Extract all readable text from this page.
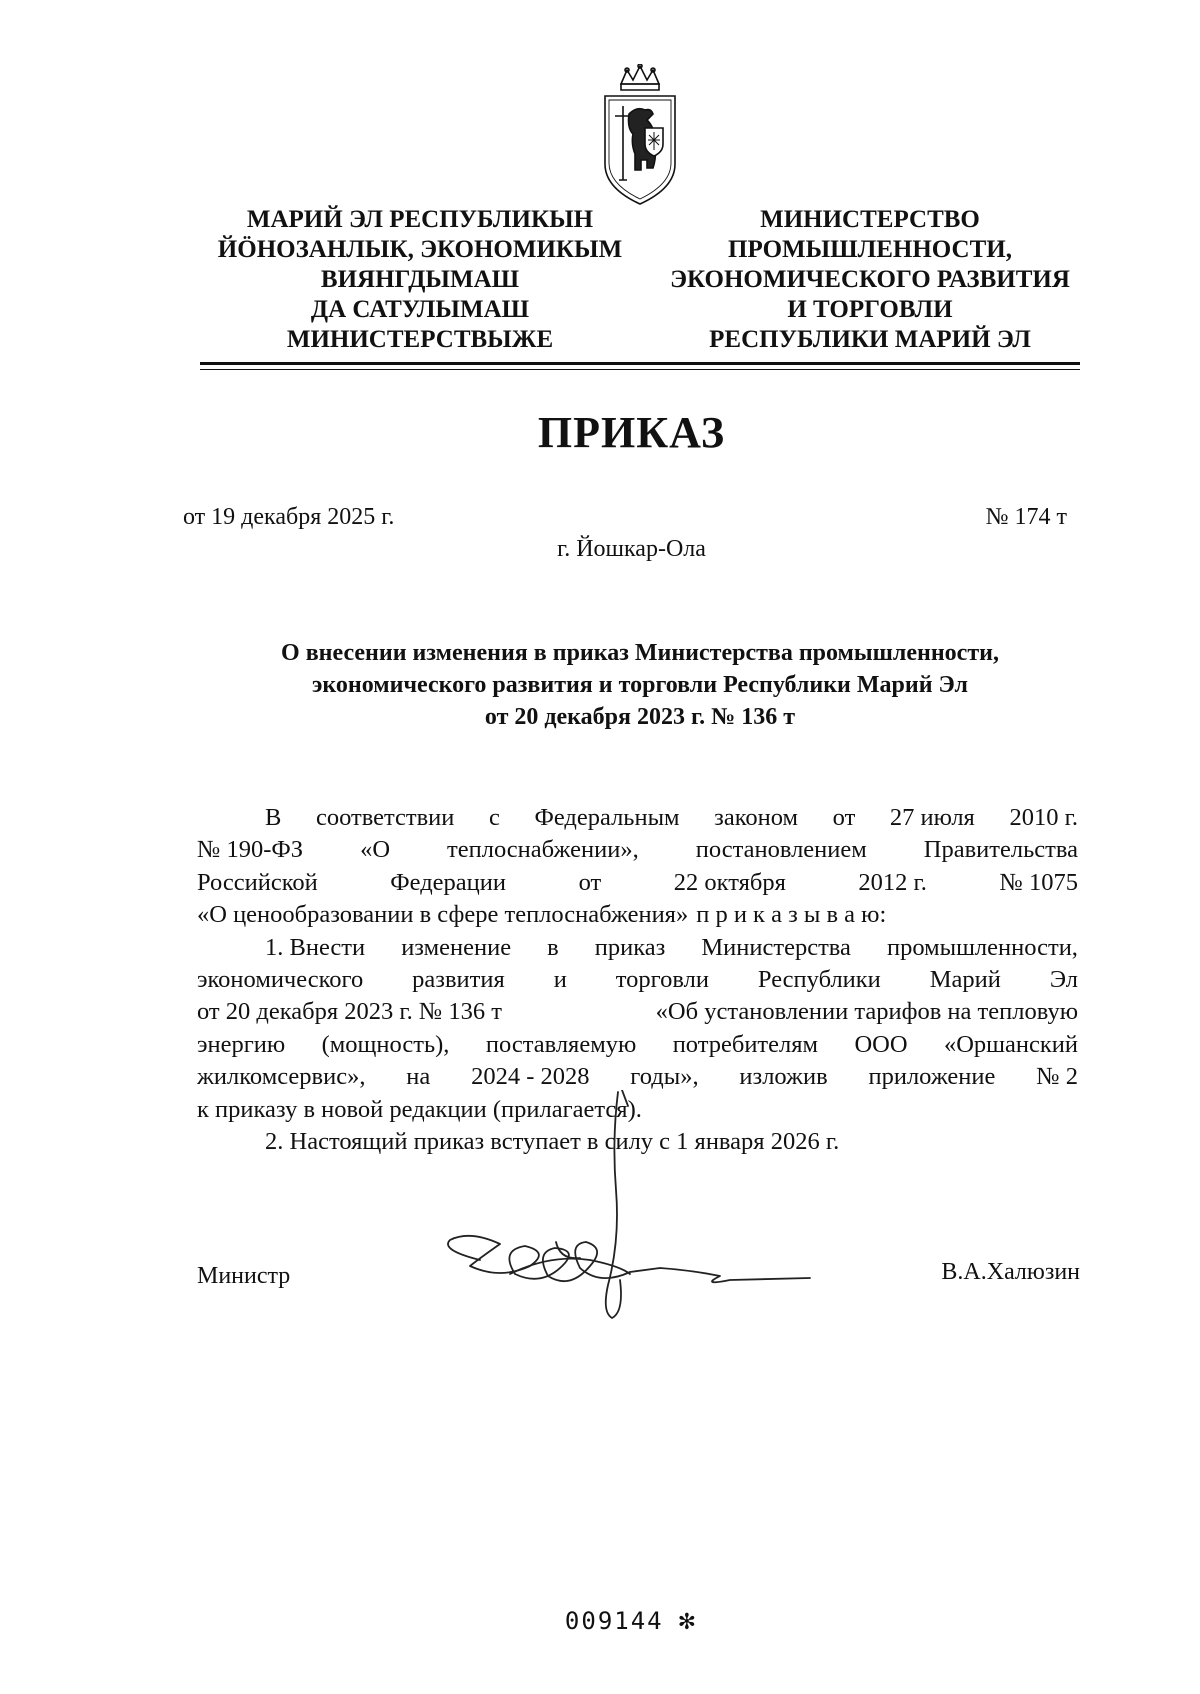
МАРИЙ ЭЛ РЕСПУБЛИКЫН
ЙӦНОЗАНЛЫК, ЭКОНОМИКЫМ
ВИЯНГДЫМАШ
ДА САТУЛЫМАШ
МИНИСТЕРСТВЫЖЕ
МИНИСТЕРСТВО
ПРОМЫШЛЕННОСТИ,
ЭКОНОМИЧЕСКОГО РАЗВИТИЯ
И ТОРГОВЛИ
РЕСПУБЛИКИ МАРИЙ ЭЛ
ПРИКАЗ
от 19 декабря 2025 г.	№ 174 т
г. Йошкар-Ола
О внесении изменения в приказ Министерства промышленности,
экономического развития и торговли Республики Марий Эл
от 20 декабря 2023 г. № 136 т
В соответствии с Федеральным законом от 27 июля 2010 г.
№ 190-ФЗ «О теплоснабжении», постановлением Правительства
Российской	Федерации	от	22 октября	2012 г.	№ 1075
«О ценообразовании в сфере теплоснабжения» п р и к а з ы в а ю:
1. Внести изменение в приказ Министерства промышленности,
экономического развития и торговли Республики Марий Эл
от 20 декабря 2023 г. № 136 т	«Об установлении тарифов на тепловую
энергию (мощность), поставляемую потребителям ООО «Оршанский
жилкомсервис», на 2024 - 2028 годы», изложив приложение № 2
к приказу в новой редакции (прилагается).
2. Настоящий приказ вступает в силу с 1 января 2026 г.
Министр	В.А.Халюзин
009144 ✻
